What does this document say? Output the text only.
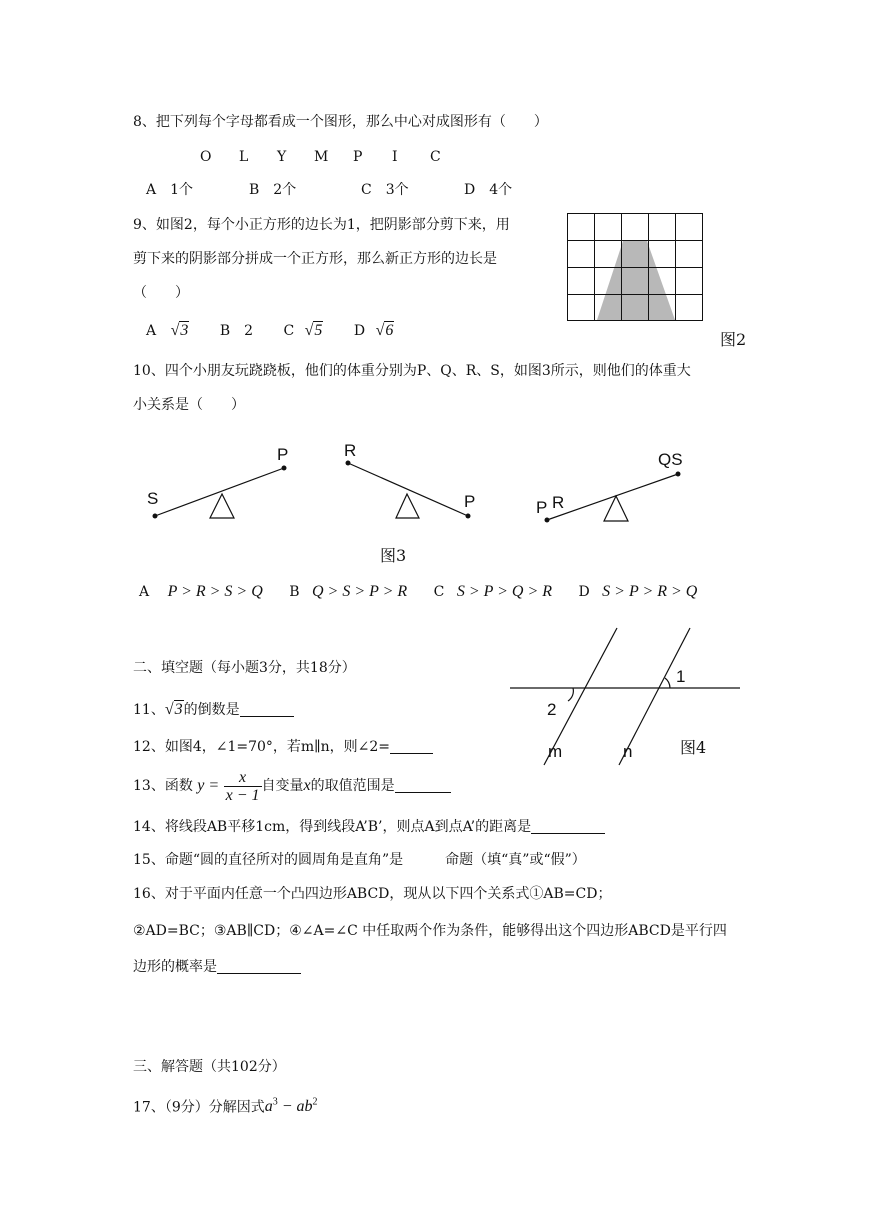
8、把下列每个字母都看成一个图形，那么中心对成图形有（　　）
O L Y M P I C
A　1个	B　2个	C　3个	D　4个
9、如图2，每个小正方形的边长为1，把阴影部分剪下来，用
剪下来的阴影部分拼成一个正方形，那么新正方形的边长是
（　　）
A √3 B　2 C √5 D √6	图2
10、四个小朋友玩跷跷板，他们的体重分别为P、Q、R、S，如图3所示，则他们的体重大
小关系是（　　）
S
P	R
P	P R
QS
图3
A P > R > S > Q B Q > S > P > R C S > P > Q > R D S > P > R > Q
二、填空题（每小题3分，共18分）	1
2
m	n	图4
11、√3的倒数是
12、如图4，∠1=70°，若m∥n，则∠2=
13、函数 $y = \frac{x}{x - 1}$ 自变量x的取值范围是
14、将线段AB平移1cm，得到线段A’B’，则点A到点A’的距离是
15、命题“圆的直径所对的圆周角是直角”是　　　命题（填“真”或“假”）
16、对于平面内任意一个凸四边形ABCD，现从以下四个关系式①AB=CD；
②AD=BC；③AB∥CD；④∠A=∠C 中任取两个作为条件，能够得出这个四边形ABCD是平行四
边形的概率是
三、解答题（共102分）
17、（9分）分解因式$a^3 - ab^2$
